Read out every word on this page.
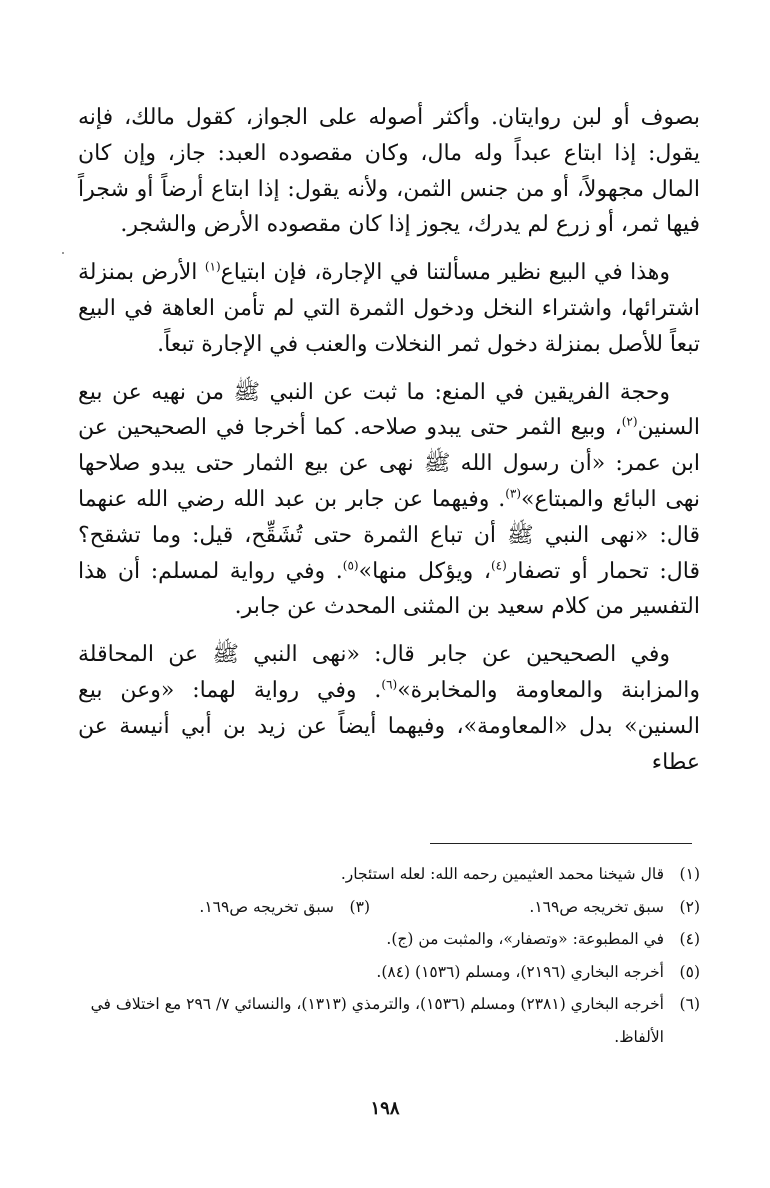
بصوف أو لبن روايتان. وأكثر أصوله على الجواز، كقول مالك، فإنه يقول: إذا ابتاع عبداً وله مال، وكان مقصوده العبد: جاز، وإن كان المال مجهولاً، أو من جنس الثمن، ولأنه يقول: إذا ابتاع أرضاً أو شجراً فيها ثمر، أو زرع لم يدرك، يجوز إذا كان مقصوده الأرض والشجر.

وهذا في البيع نظير مسألتنا في الإجارة، فإن ابتياع$^{(١)}$ الأرض بمنزلة اشترائها، واشتراء النخل ودخول الثمرة التي لم تأمن العاهة في البيع تبعاً للأصل بمنزلة دخول ثمر النخلات والعنب في الإجارة تبعاً.

وحجة الفريقين في المنع: ما ثبت عن النبي ﷺ من نهيه عن بيع السنين$^{(٢)}$، وبيع الثمر حتى يبدو صلاحه. كما أخرجا في الصحيحين عن ابن عمر: «أن رسول الله ﷺ نهى عن بيع الثمار حتى يبدو صلاحها نهى البائع والمبتاع»$^{(٣)}$. وفيهما عن جابر بن عبد الله رضي الله عنهما قال: «نهى النبي ﷺ أن تباع الثمرة حتى تُشَقِّح، قيل: وما تشقح؟ قال: تحمار أو تصفار$^{(٤)}$، ويؤكل منها»$^{(٥)}$. وفي رواية لمسلم: أن هذا التفسير من كلام سعيد بن المثنى المحدث عن جابر.

وفي الصحيحين عن جابر قال: «نهى النبي ﷺ عن المحاقلة والمزابنة والمعاومة والمخابرة»$^{(٦)}$. وفي رواية لهما: «وعن بيع السنين» بدل «المعاومة»، وفيهما أيضاً عن زيد بن أبي أنيسة عن عطاء

(١)
قال شيخنا محمد العثيمين رحمه الله: لعله استئجار.
(٢)
سبق تخريجه ص١٦٩.
(٣)
سبق تخريجه ص١٦٩.
(٤)
في المطبوعة: «وتصفار»، والمثبت من (ج).
(٥)
أخرجه البخاري (٢١٩٦)، ومسلم (١٥٣٦) (٨٤).
(٦)
أخرجه البخاري (٢٣٨١) ومسلم (١٥٣٦)، والترمذي (١٣١٣)، والنسائي ٧/ ٢٩٦ مع اختلاف في الألفاظ.
١٩٨
